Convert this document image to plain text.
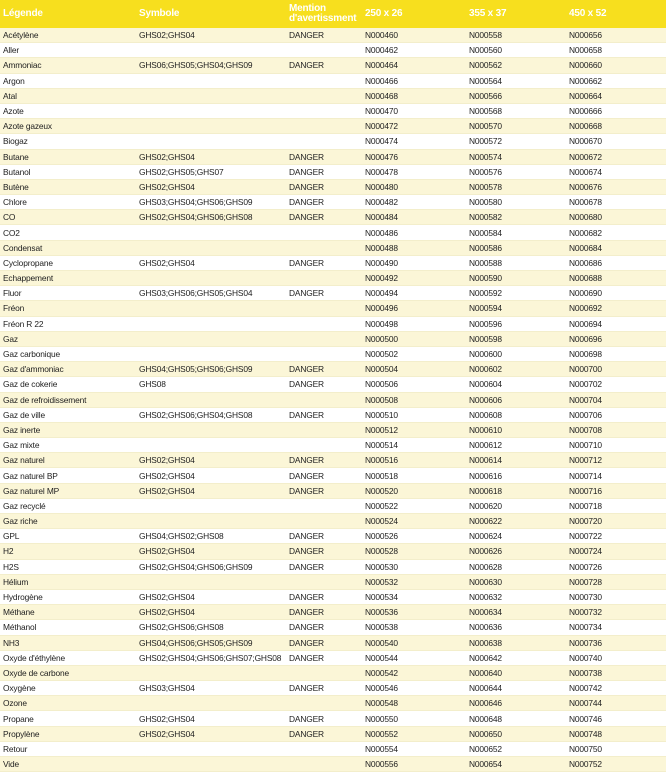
Légende	Symbole	Mention d'avertissment	250 x 26	355 x 37	450 x 52
Acétylène	GHS02;GHS04	DANGER	N000460	N000558	N000656
Aller			N000462	N000560	N000658
Ammoniac	GHS06;GHS05;GHS04;GHS09	DANGER	N000464	N000562	N000660
Argon			N000466	N000564	N000662
Atal			N000468	N000566	N000664
Azote			N000470	N000568	N000666
Azote gazeux			N000472	N000570	N000668
Biogaz			N000474	N000572	N000670
Butane	GHS02;GHS04	DANGER	N000476	N000574	N000672
Butanol	GHS02;GHS05;GHS07	DANGER	N000478	N000576	N000674
Butène	GHS02;GHS04	DANGER	N000480	N000578	N000676
Chlore	GHS03;GHS04;GHS06;GHS09	DANGER	N000482	N000580	N000678
CO	GHS02;GHS04;GHS06;GHS08	DANGER	N000484	N000582	N000680
CO2			N000486	N000584	N000682
Condensat			N000488	N000586	N000684
Cyclopropane	GHS02;GHS04	DANGER	N000490	N000588	N000686
Echappement			N000492	N000590	N000688
Fluor	GHS03;GHS06;GHS05;GHS04	DANGER	N000494	N000592	N000690
Fréon			N000496	N000594	N000692
Fréon R 22			N000498	N000596	N000694
Gaz			N000500	N000598	N000696
Gaz carbonique			N000502	N000600	N000698
Gaz d'ammoniac	GHS04;GHS05;GHS06;GHS09	DANGER	N000504	N000602	N000700
Gaz de cokerie	GHS08	DANGER	N000506	N000604	N000702
Gaz de refroidissement			N000508	N000606	N000704
Gaz de ville	GHS02;GHS06;GHS04;GHS08	DANGER	N000510	N000608	N000706
Gaz inerte			N000512	N000610	N000708
Gaz mixte			N000514	N000612	N000710
Gaz naturel	GHS02;GHS04	DANGER	N000516	N000614	N000712
Gaz naturel BP	GHS02;GHS04	DANGER	N000518	N000616	N000714
Gaz naturel MP	GHS02;GHS04	DANGER	N000520	N000618	N000716
Gaz recyclé			N000522	N000620	N000718
Gaz riche			N000524	N000622	N000720
GPL	GHS04;GHS02;GHS08	DANGER	N000526	N000624	N000722
H2	GHS02;GHS04	DANGER	N000528	N000626	N000724
H2S	GHS02;GHS04;GHS06;GHS09	DANGER	N000530	N000628	N000726
Hélium			N000532	N000630	N000728
Hydrogène	GHS02;GHS04	DANGER	N000534	N000632	N000730
Méthane	GHS02;GHS04	DANGER	N000536	N000634	N000732
Méthanol	GHS02;GHS06;GHS08	DANGER	N000538	N000636	N000734
NH3	GHS04;GHS06;GHS05;GHS09	DANGER	N000540	N000638	N000736
Oxyde d'éthylène	GHS02;GHS04;GHS06;GHS07;GHS08	DANGER	N000544	N000642	N000740
Oxyde de carbone			N000542	N000640	N000738
Oxygène	GHS03;GHS04	DANGER	N000546	N000644	N000742
Ozone			N000548	N000646	N000744
Propane	GHS02;GHS04	DANGER	N000550	N000648	N000746
Propylène	GHS02;GHS04	DANGER	N000552	N000650	N000748
Retour			N000554	N000652	N000750
Vide			N000556	N000654	N000752
